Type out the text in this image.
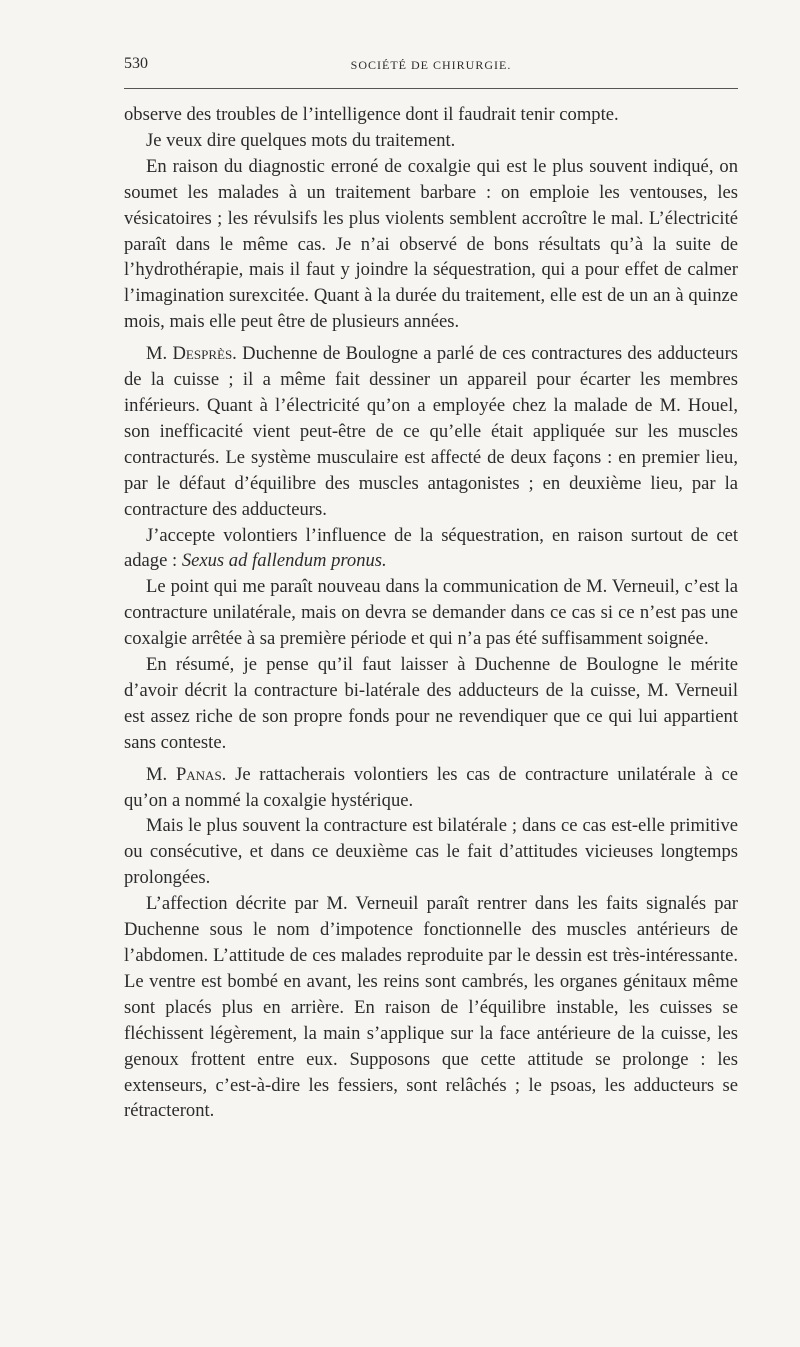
530	SOCIÉTÉ DE CHIRURGIE.

observe des troubles de l’intelligence dont il faudrait tenir compte.

Je veux dire quelques mots du traitement.

En raison du diagnostic erroné de coxalgie qui est le plus souvent indiqué, on soumet les malades à un traitement barbare : on emploie les ventouses, les vésicatoires ; les révulsifs les plus violents semblent accroître le mal. L’électricité paraît dans le même cas. Je n’ai observé de bons résultats qu’à la suite de l’hydrothérapie, mais il faut y joindre la séquestration, qui a pour effet de calmer l’imagination surexcitée. Quant à la durée du traitement, elle est de un an à quinze mois, mais elle peut être de plusieurs années.

M. Desprès. Duchenne de Boulogne a parlé de ces contractures des adducteurs de la cuisse ; il a même fait dessiner un appareil pour écarter les membres inférieurs. Quant à l’électricité qu’on a employée chez la malade de M. Houel, son inefficacité vient peut-être de ce qu’elle était appliquée sur les muscles contracturés. Le système musculaire est affecté de deux façons : en premier lieu, par le défaut d’équilibre des muscles antagonistes ; en deuxième lieu, par la contracture des adducteurs.

J’accepte volontiers l’influence de la séquestration, en raison surtout de cet adage : Sexus ad fallendum pronus.

Le point qui me paraît nouveau dans la communication de M. Verneuil, c’est la contracture unilatérale, mais on devra se demander dans ce cas si ce n’est pas une coxalgie arrêtée à sa première période et qui n’a pas été suffisamment soignée.

En résumé, je pense qu’il faut laisser à Duchenne de Boulogne le mérite d’avoir décrit la contracture bi-latérale des adducteurs de la cuisse, M. Verneuil est assez riche de son propre fonds pour ne revendiquer que ce qui lui appartient sans conteste.

M. Panas. Je rattacherais volontiers les cas de contracture unilatérale à ce qu’on a nommé la coxalgie hystérique.

Mais le plus souvent la contracture est bilatérale ; dans ce cas est-elle primitive ou consécutive, et dans ce deuxième cas le fait d’attitudes vicieuses longtemps prolongées.

L’affection décrite par M. Verneuil paraît rentrer dans les faits signalés par Duchenne sous le nom d’impotence fonctionnelle des muscles antérieurs de l’abdomen. L’attitude de ces malades reproduite par le dessin est très-intéressante. Le ventre est bombé en avant, les reins sont cambrés, les organes génitaux même sont placés plus en arrière. En raison de l’équilibre instable, les cuisses se fléchissent légèrement, la main s’applique sur la face antérieure de la cuisse, les genoux frottent entre eux. Supposons que cette attitude se prolonge : les extenseurs, c’est-à-dire les fessiers, sont relâchés ; le psoas, les adducteurs se rétracteront.
